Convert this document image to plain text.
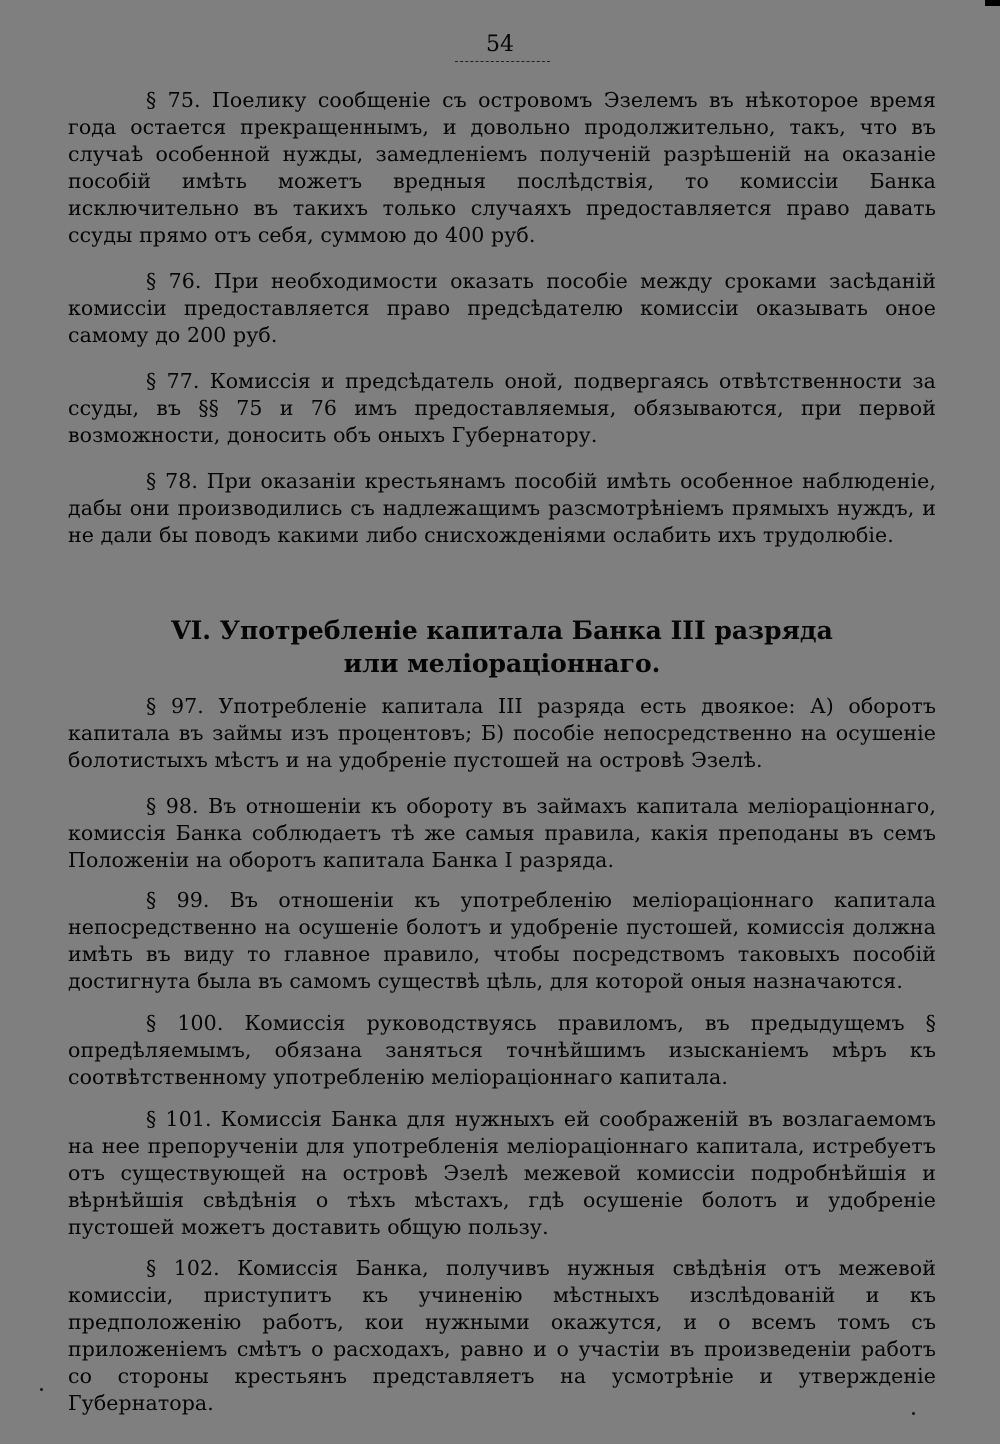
54

§ 75. Поелику сообщенiе съ островомъ Эзелемъ въ нѣкоторое время года остается прекращеннымъ, и довольно продолжительно, такъ, что въ случаѣ особенной нужды, замедленiемъ полученiй разрѣшенiй на оказанiе пособiй имѣть можетъ вредныя послѣдствiя, то комиссiи Банка исключительно въ такихъ только случаяхъ предоставляется право давать ссуды прямо отъ себя, суммою до 400 руб.

§ 76. При необходимости оказать пособiе между сроками засѣданiй комиссiи предоставляется право предсѣдателю комиссiи оказывать оное самому до 200 руб.

§ 77. Комиссiя и предсѣдатель оной, подвергаясь отвѣтственности за ссуды, въ §§ 75 и 76 имъ предоставляемыя, обязываются, при первой возможности, доносить объ оныхъ Губернатору.

§ 78. При оказанiи крестьянамъ пособiй имѣть особенное наблюденiе, дабы они производились съ надлежащимъ разсмотрѣнiемъ прямыхъ нуждъ, и не дали бы поводъ какими либо снисхожденiями ослабить ихъ трудолюбiе.

VI. Употребленiе капитала Банка III разряда
или мелiорацiоннаго.

§ 97. Употребленiе капитала III разряда есть двоякое: А) оборотъ капитала въ займы изъ процентовъ; Б) пособiе непосредственно на осушенiе болотистыхъ мѣстъ и на удобренiе пустошей на островѣ Эзелѣ.

§ 98. Въ отношенiи къ обороту въ займахъ капитала мелiорацiоннаго, комиссiя Банка соблюдаетъ тѣ же самыя правила, какiя преподаны въ семъ Положенiи на оборотъ капитала Банка I разряда.

§ 99. Въ отношенiи къ употребленiю мелiорацiоннаго капитала непосредственно на осушенiе болотъ и удобренiе пустошей, комиссiя должна имѣть въ виду то главное правило, чтобы посредствомъ таковыхъ пособiй достигнута была въ самомъ существѣ цѣль, для которой оныя назначаются.

§ 100. Комиссiя руководствуясь правиломъ, въ предыдущемъ § опредѣляемымъ, обязана заняться точнѣйшимъ изысканiемъ мѣръ къ соотвѣтственному употребленiю мелiорацiоннаго капитала.

§ 101. Комиссiя Банка для нужныхъ ей соображенiй въ возлагаемомъ на нее препорученiи для употребленiя мелiорацiоннаго капитала, истребуетъ отъ существующей на островѣ Эзелѣ межевой комиссiи подробнѣйшiя и вѣрнѣйшiя свѣдѣнiя о тѣхъ мѣстахъ, гдѣ осушенiе болотъ и удобренiе пустошей можетъ доставить общую пользу.

§ 102. Комиссiя Банка, получивъ нужныя свѣдѣнiя отъ межевой комиссiи, приступитъ къ учиненiю мѣстныхъ изслѣдованiй и къ предположенiю работъ, кои нужными окажутся, и о всемъ томъ съ приложенiемъ смѣтъ о расходахъ, равно и о участiи въ произведенiи работъ со стороны крестьянъ представляетъ на усмотрѣнiе и утвержденiе Губернатора.
